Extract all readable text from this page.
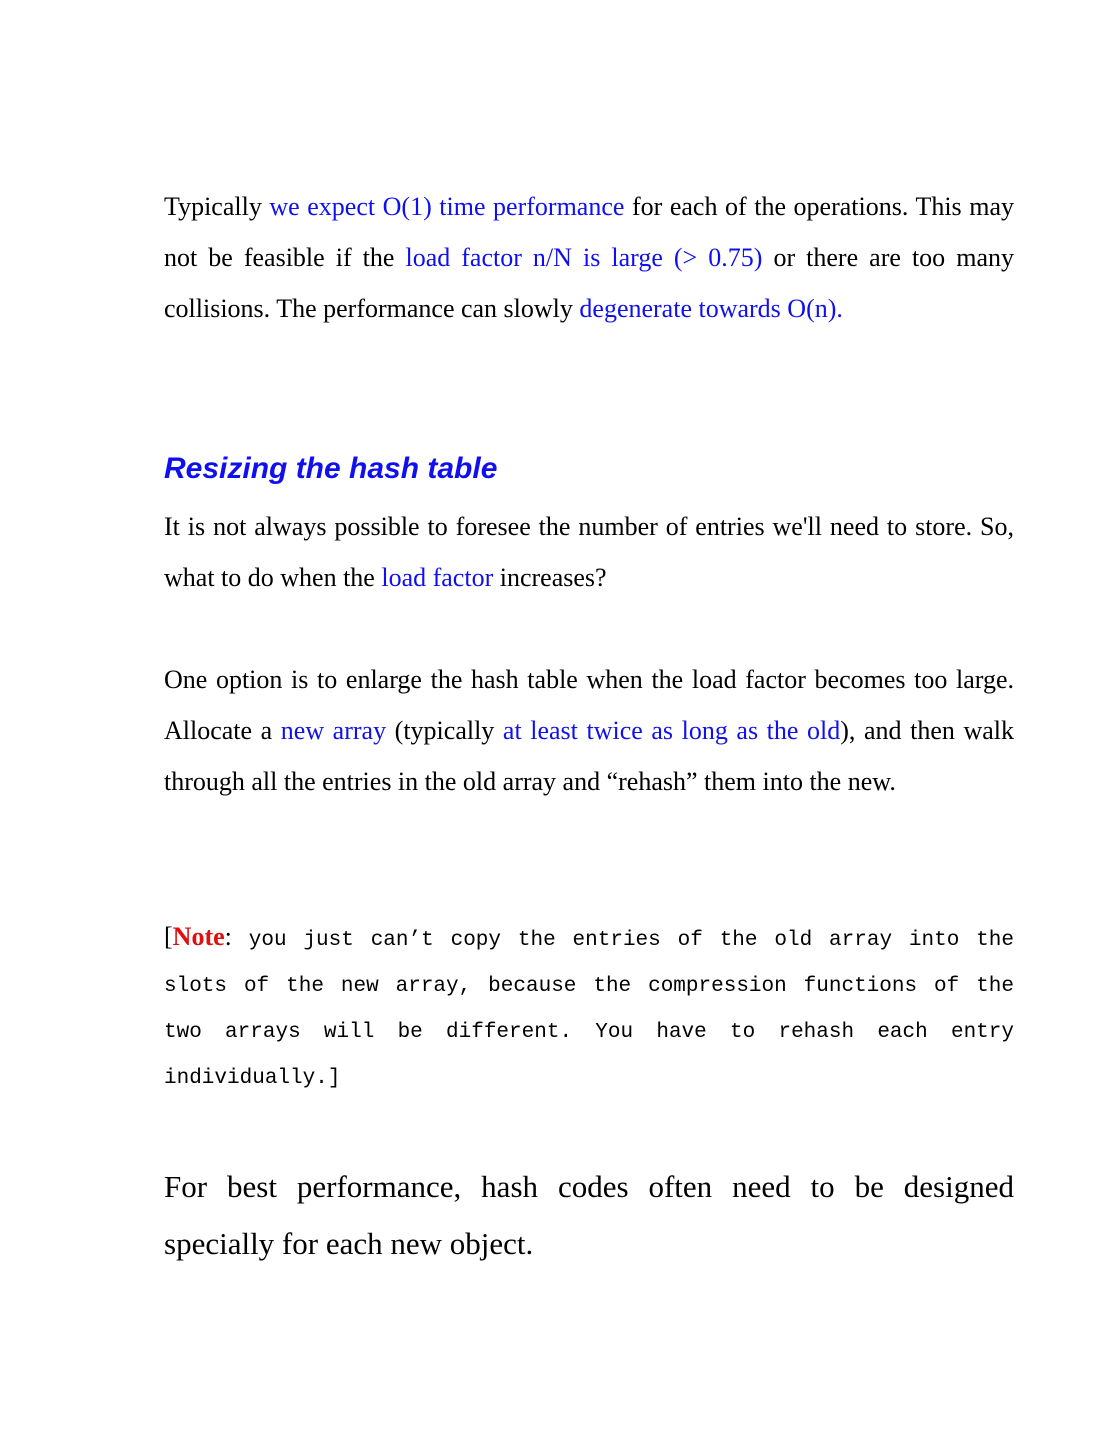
Typically we expect O(1) time performance for each of the operations. This may not be feasible if the load factor n/N is large (> 0.75) or there are too many collisions. The performance can slowly degenerate towards O(n).

Resizing the hash table

It is not always possible to foresee the number of entries we'll need to store. So, what to do when the load factor increases?

One option is to enlarge the hash table when the load factor becomes too large. Allocate a new array (typically at least twice as long as the old), and then walk through all the entries in the old array and “rehash” them into the new.

[Note: you just can’t copy the entries of the old array into the slots of the new array, because the compression functions of the two arrays will be different. You have to rehash each entry individually.]

For best performance, hash codes often need to be designed specially for each new object.
